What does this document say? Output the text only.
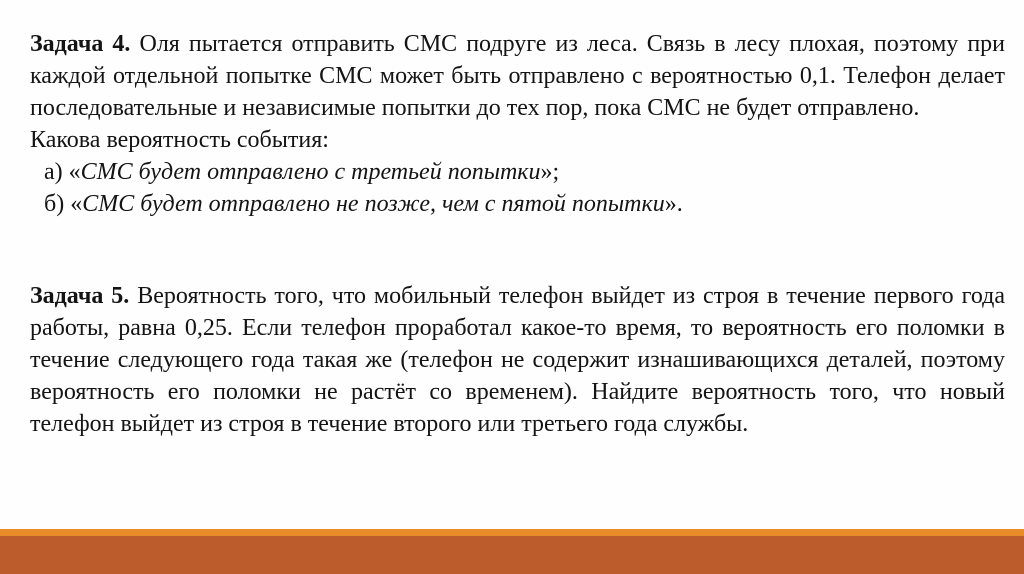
Задача 4. Оля пытается отправить СМС подруге из леса. Связь в лесу плохая, поэтому при каждой отдельной попытке СМС может быть отправлено с вероятностью 0,1. Телефон делает последовательные и независимые попытки до тех пор, пока СМС не будет отправлено.

Какова вероятность события:
а) «СМС будет отправлено с третьей попытки»;
б) «СМС будет отправлено не позже, чем с пятой попытки».

Задача 5. Вероятность того, что мобильный телефон выйдет из строя в течение первого года работы, равна 0,25. Если телефон проработал какое-то время, то вероятность его поломки в течение следующего года такая же (телефон не содержит изнашивающихся деталей, поэтому вероятность его поломки не растёт со временем). Найдите вероятность того, что новый телефон выйдет из строя в течение второго или третьего года службы.
